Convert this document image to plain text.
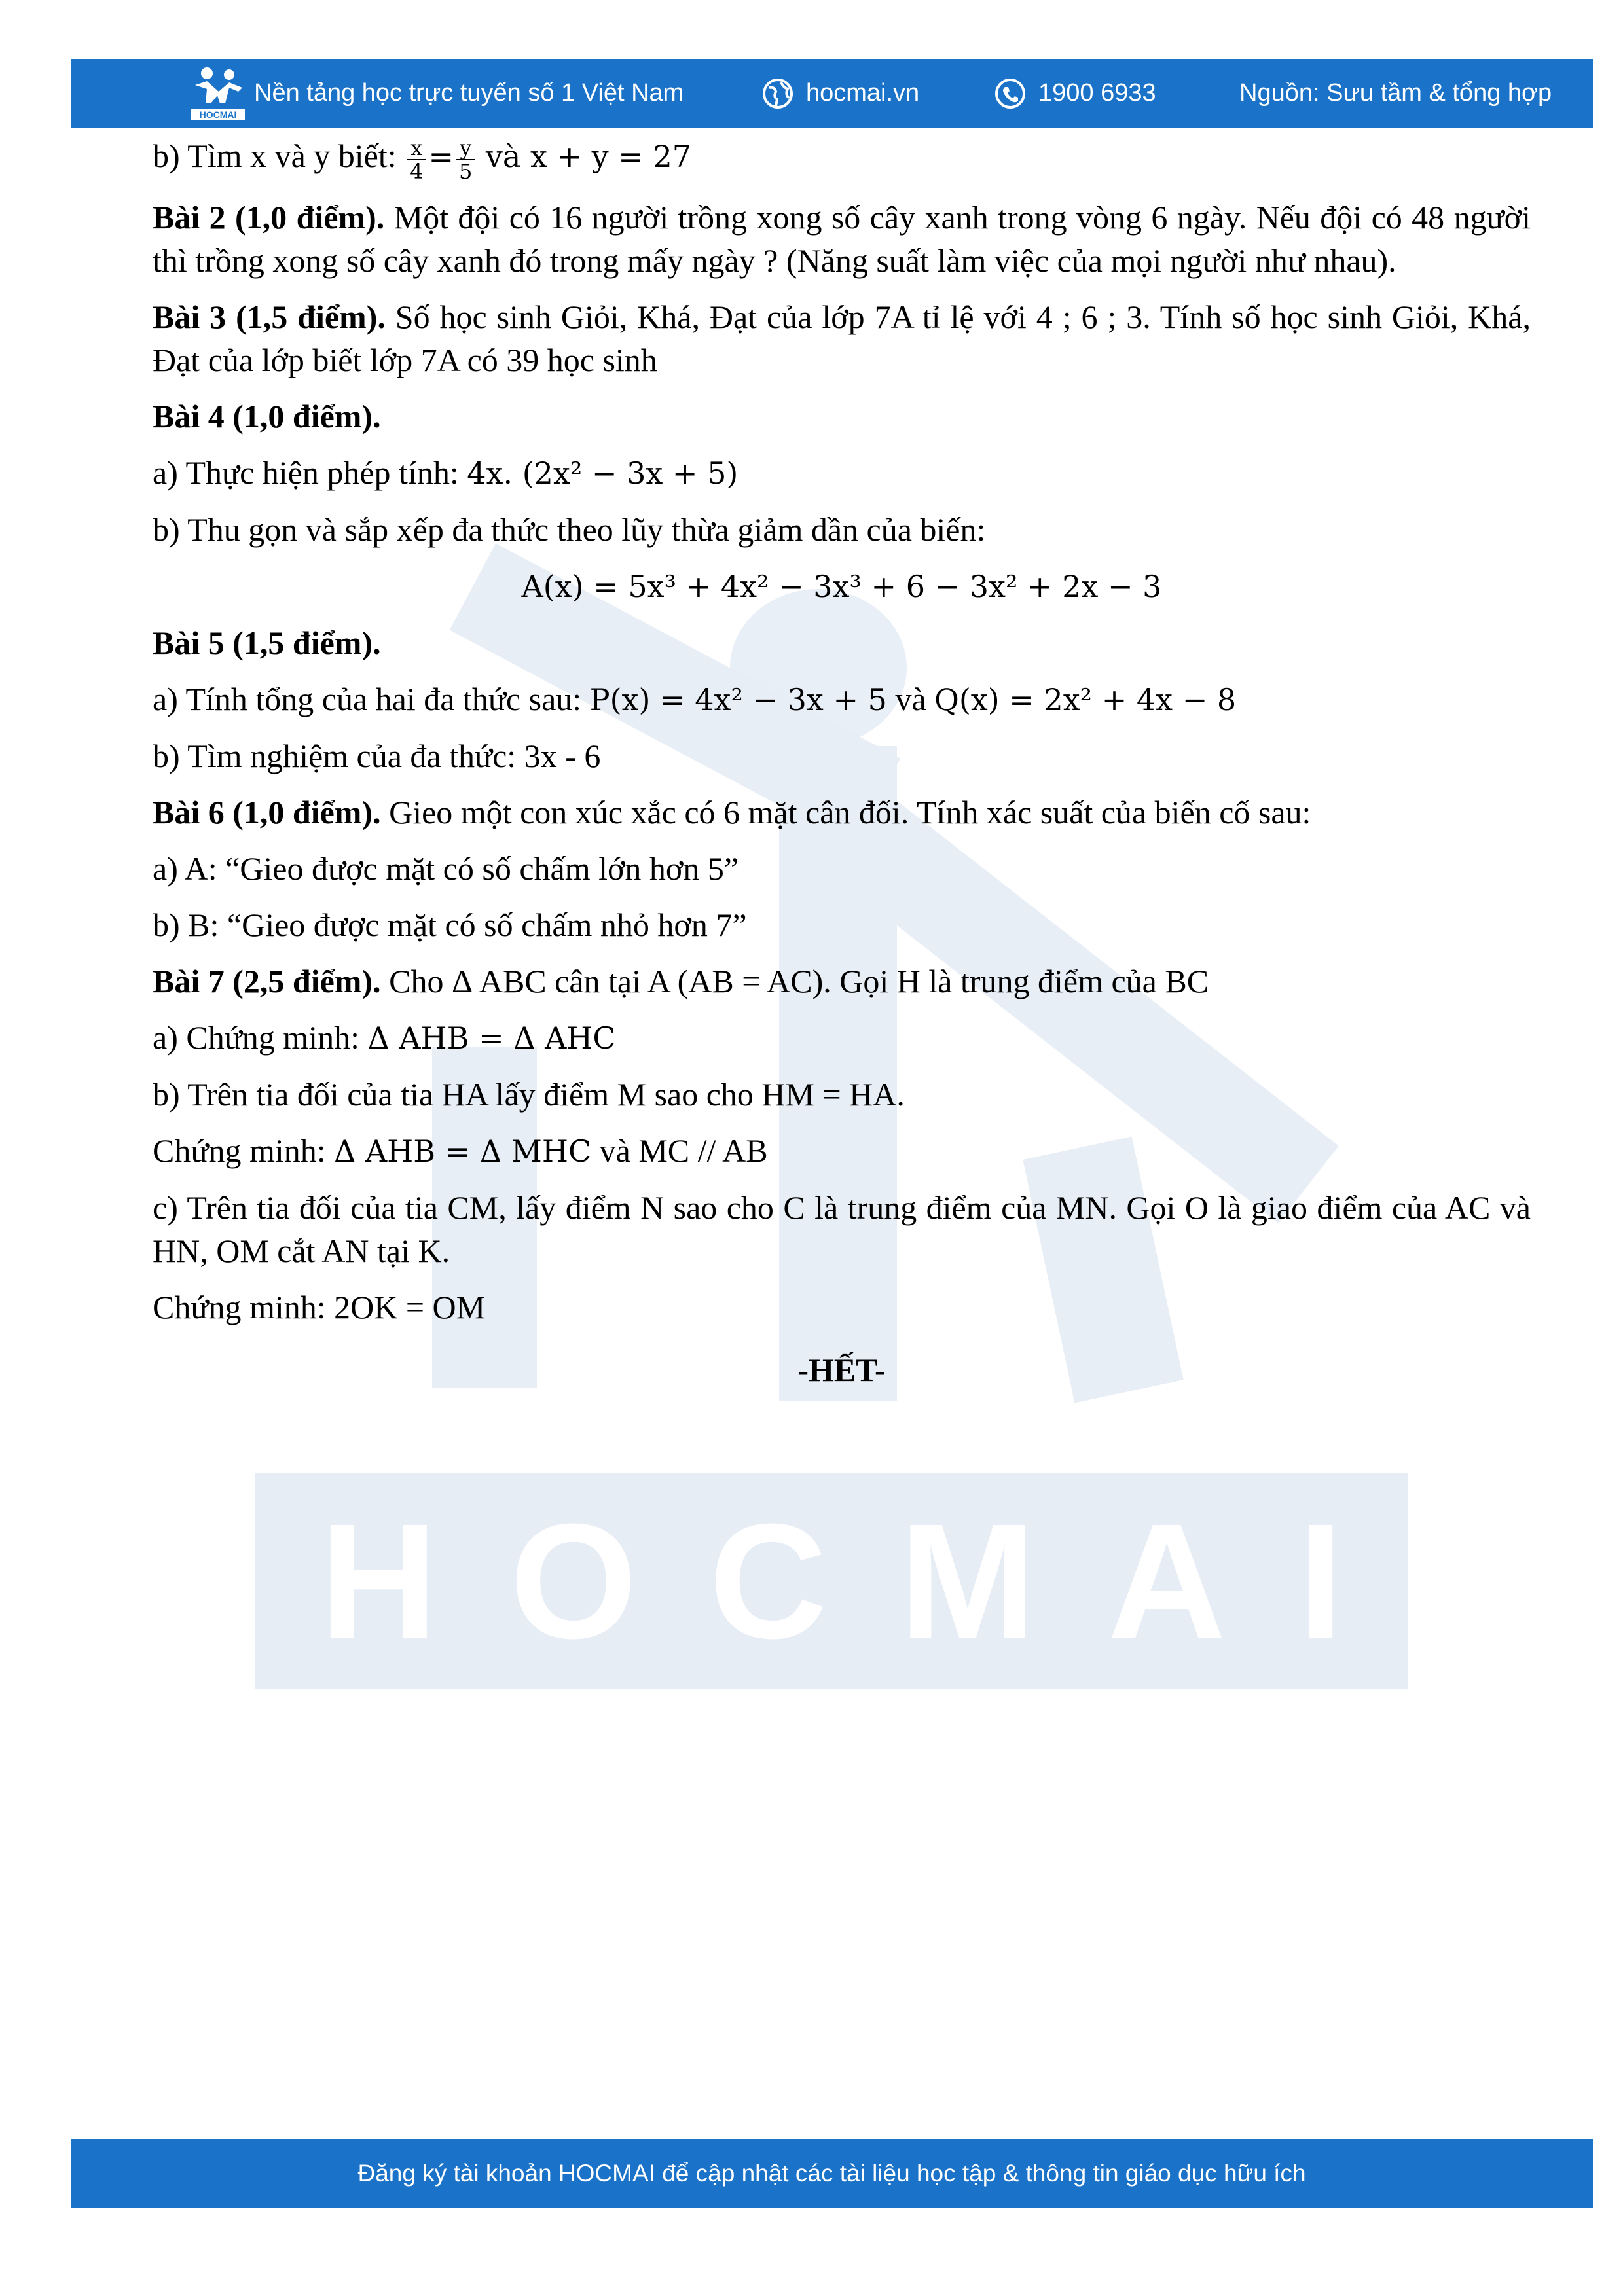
HOCMAI
HOCMAI
Nền tảng học trực tuyến số 1 Việt Nam	hocmai.vn	1900 6933	Nguồn: Sưu tầm & tổng hợp

b) Tìm x và y biết: $\frac{x}{4} = \frac{y}{5}$ và x + y = 27

Bài 2 (1,0 điểm). Một đội có 16 người trồng xong số cây xanh trong vòng 6 ngày. Nếu đội có 48 người thì trồng xong số cây xanh đó trong mấy ngày ? (Năng suất làm việc của mọi người như nhau).

Bài 3 (1,5 điểm). Số học sinh Giỏi, Khá, Đạt của lớp 7A tỉ lệ với 4 ; 6 ; 3. Tính số học sinh Giỏi, Khá, Đạt của lớp biết lớp 7A có 39 học sinh

Bài 4 (1,0 điểm).

a) Thực hiện phép tính: 4x. (2x² − 3x + 5)

b) Thu gọn và sắp xếp đa thức theo lũy thừa giảm dần của biến:

A(x) = 5x³ + 4x² − 3x³ + 6 − 3x² + 2x − 3

Bài 5 (1,5 điểm).

a) Tính tổng của hai đa thức sau: P(x) = 4x² − 3x + 5 và Q(x) = 2x² + 4x − 8

b) Tìm nghiệm của đa thức: 3x - 6

Bài 6 (1,0 điểm). Gieo một con xúc xắc có 6 mặt cân đối. Tính xác suất của biến cố sau:

a) A: “Gieo được mặt có số chấm lớn hơn 5”

b) B: “Gieo được mặt có số chấm nhỏ hơn 7”

Bài 7 (2,5 điểm). Cho Δ ABC cân tại A (AB = AC). Gọi H là trung điểm của BC

a) Chứng minh: Δ AHB = Δ AHC

b) Trên tia đối của tia HA lấy điểm M sao cho HM = HA.

Chứng minh: Δ AHB = Δ MHC và MC // AB

c) Trên tia đối của tia CM, lấy điểm N sao cho C là trung điểm của MN. Gọi O là giao điểm của AC và HN, OM cắt AN tại K.

Chứng minh: 2OK = OM

-HẾT-

Đăng ký tài khoản HOCMAI để cập nhật các tài liệu học tập & thông tin giáo dục hữu ích
